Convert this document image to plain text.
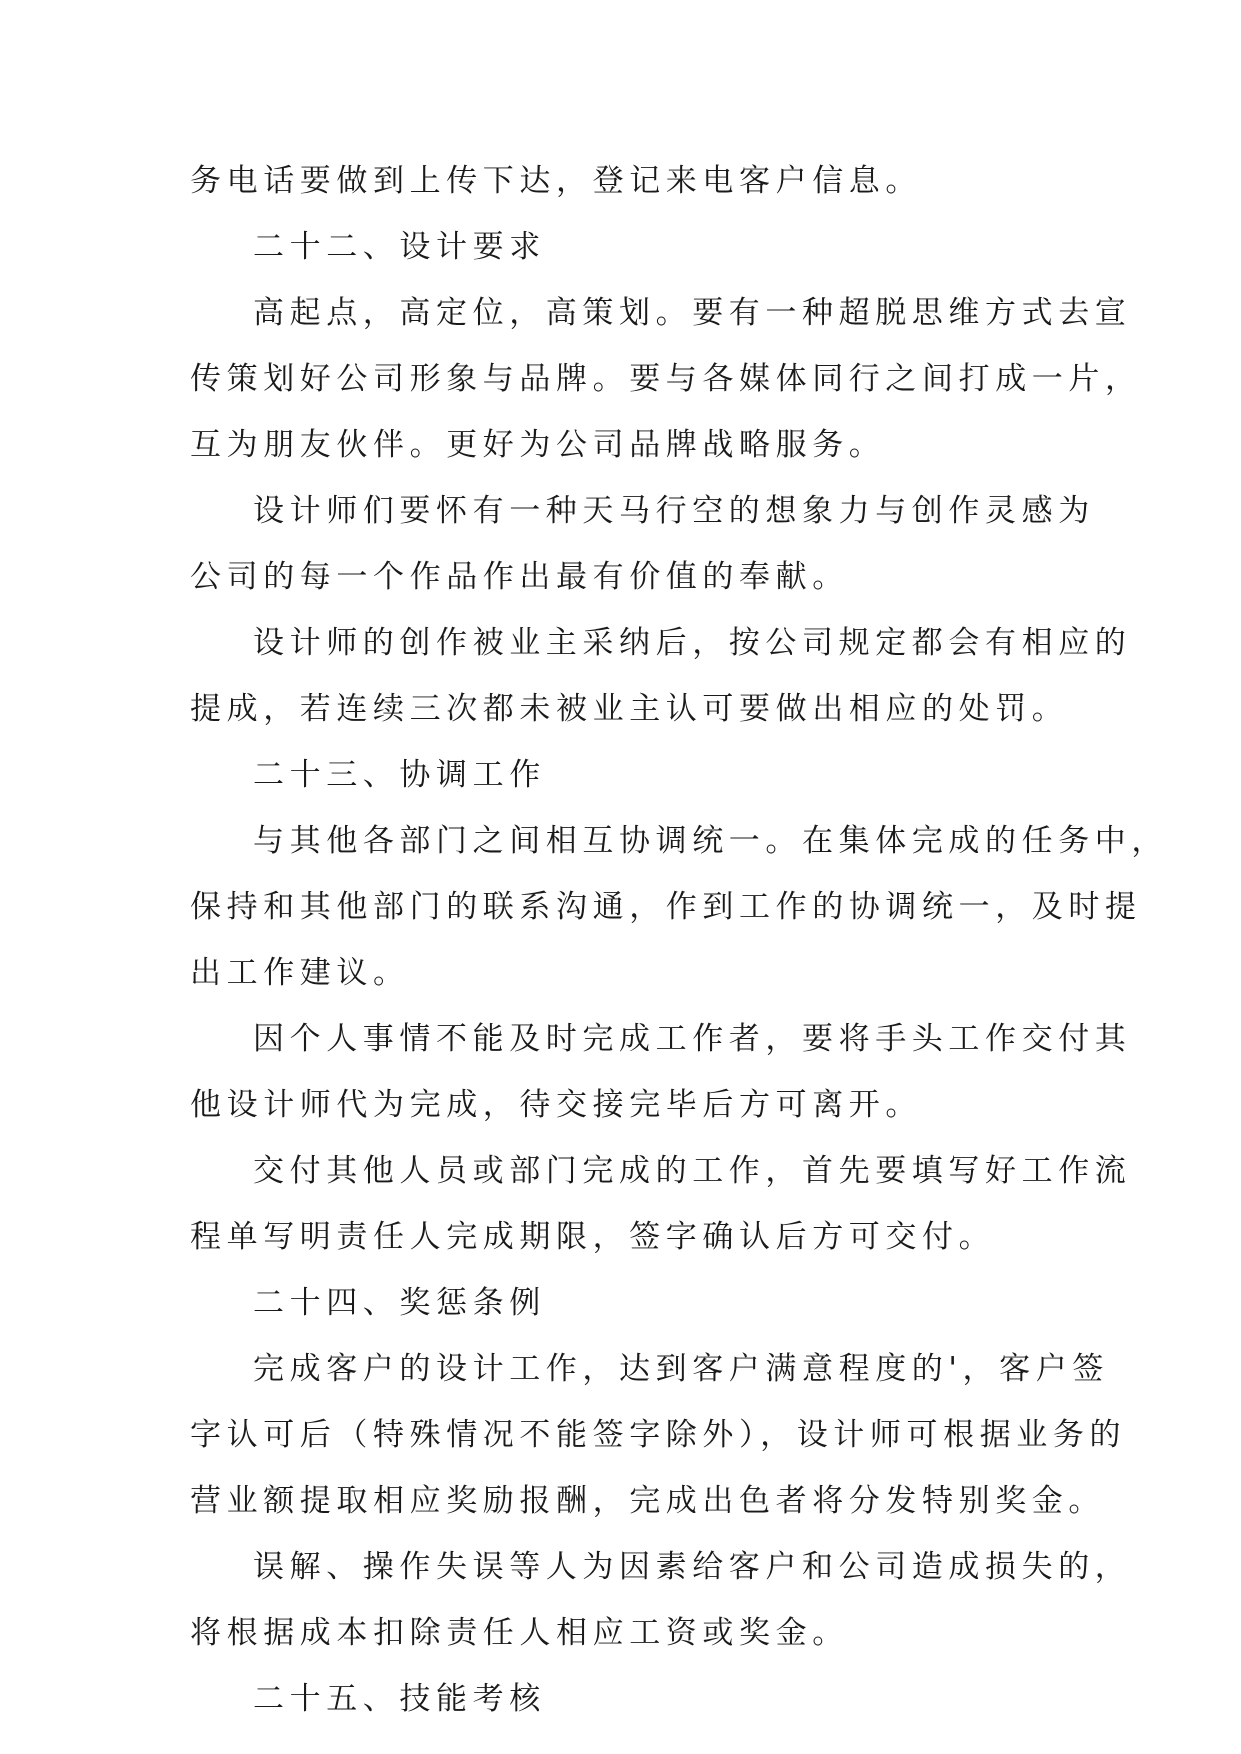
务电话要做到上传下达，登记来电客户信息。
二十二、设计要求
高起点，高定位，高策划。要有一种超脱思维方式去宣
传策划好公司形象与品牌。要与各媒体同行之间打成一片，
互为朋友伙伴。更好为公司品牌战略服务。
设计师们要怀有一种天马行空的想象力与创作灵感为
公司的每一个作品作出最有价值的奉献。
设计师的创作被业主采纳后，按公司规定都会有相应的
提成，若连续三次都未被业主认可要做出相应的处罚。
二十三、协调工作
与其他各部门之间相互协调统一。在集体完成的任务中，
保持和其他部门的联系沟通，作到工作的协调统一，及时提
出工作建议。
因个人事情不能及时完成工作者，要将手头工作交付其
他设计师代为完成，待交接完毕后方可离开。
交付其他人员或部门完成的工作，首先要填写好工作流
程单写明责任人完成期限，签字确认后方可交付。
二十四、奖惩条例
完成客户的设计工作，达到客户满意程度的'，客户签
字认可后（特殊情况不能签字除外），设计师可根据业务的
营业额提取相应奖励报酬，完成出色者将分发特别奖金。
误解、操作失误等人为因素给客户和公司造成损失的，
将根据成本扣除责任人相应工资或奖金。
二十五、技能考核
